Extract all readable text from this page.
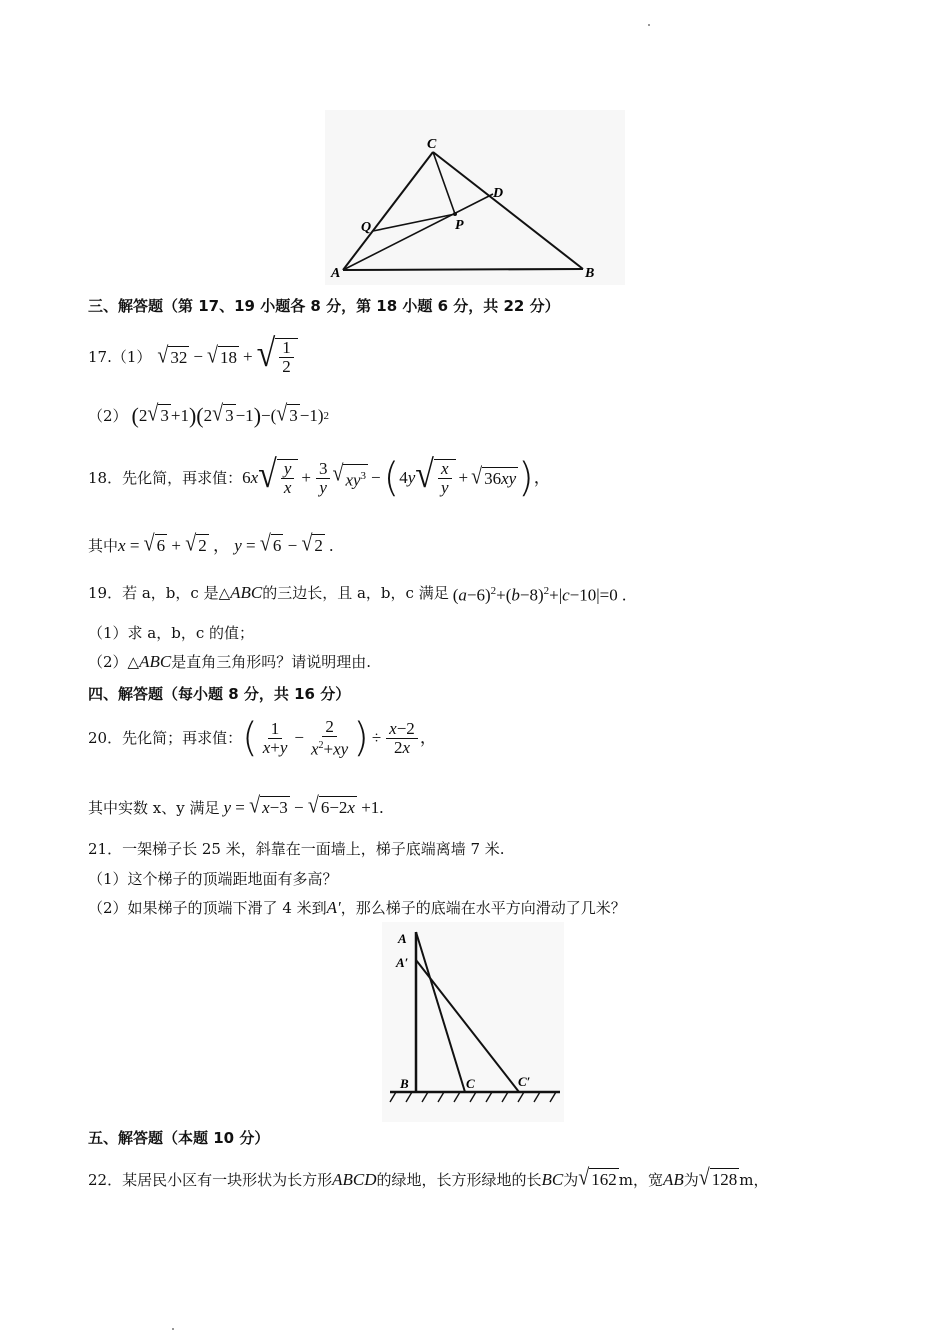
C
D
Q	P
A	B
三、解答题（第 17、19 小题各 8 分，第 18 小题 6 分，共 22 分）
17.（1） √ 32 − √ 18 + √ $\frac{1}{2}$
（2） ( 2 √ 3 +1 ) ( 2 √ 3 −1 ) −( √ 3 −1) 2
18．先化简，再求值： 6 x √ $\frac{y}{x} + \frac{3}{y}$ √ $xy^3$ − ( 4 y √ $\frac{x}{y}$ + √ 36xy ) ，
其中 x = √ 6 + √ 2 ， y = √ 6 − √ 2 .
19．若 a，b，c 是△ ABC 的三边长，且 a，b，c 满足 $(a-6)^2+(b-8)^2+|c-10|=0$ .
（1）求 a，b，c 的值；
（2）△ ABC 是直角三角形吗？请说明理由.
四、解答题（每小题 8 分，共 16 分）
20．先化简；再求值： ( $\frac{1}{x+y} - \frac{2}{x^2+xy}$ ) ÷ $\frac{x-2}{2x}$ ，
其中实数 x、y 满足 y = √ x−3 − √ 6−2x +1.
21．一架梯子长 25 米，斜靠在一面墙上，梯子底端离墙 7 米.
（1）这个梯子的顶端距地面有多高？
（2）如果梯子的顶端下滑了 4 米到 A′ ，那么梯子的底端在水平方向滑动了几米？
A
A′
B	C	C′
五、解答题（本题 10 分）
22．某居民小区有一块形状为长方形 ABCD 的绿地，长方形绿地的长 BC 为 √ 162 m，宽 AB 为 √ 128 m，
